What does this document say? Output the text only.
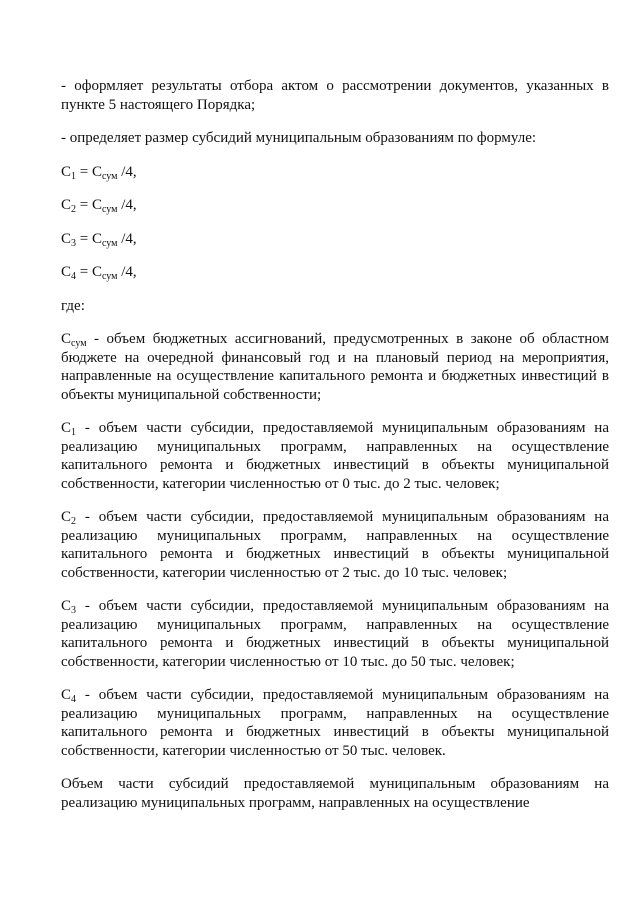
- оформляет результаты отбора актом о рассмотрении документов, указанных в пункте 5 настоящего Порядка;

- определяет размер субсидий муниципальным образованиям по формуле:

$C_1 = C_{сум}$ /4,

$C_2 = C_{сум}$ /4,

$C_3 = C_{сум}$ /4,

$C_4 = C_{сум}$ /4,

где:

$C_{сум}$ - объем бюджетных ассигнований, предусмотренных в законе об областном бюджете на очередной финансовый год и на плановый период на мероприятия, направленные на осуществление капитального ремонта и бюджетных инвестиций в объекты муниципальной собственности;

$C_1$ - объем части субсидии, предоставляемой муниципальным образованиям на реализацию муниципальных программ, направленных на осуществление капитального ремонта и бюджетных инвестиций в объекты муниципальной собственности, категории численностью от 0 тыс. до 2 тыс. человек;

$C_2$ - объем части субсидии, предоставляемой муниципальным образованиям на реализацию муниципальных программ, направленных на осуществление капитального ремонта и бюджетных инвестиций в объекты муниципальной собственности, категории численностью от 2 тыс. до 10 тыс. человек;

$C_3$ - объем части субсидии, предоставляемой муниципальным образованиям на реализацию муниципальных программ, направленных на осуществление капитального ремонта и бюджетных инвестиций в объекты муниципальной собственности, категории численностью от 10 тыс. до 50 тыс. человек;

$C_4$ - объем части субсидии, предоставляемой муниципальным образованиям на реализацию муниципальных программ, направленных на осуществление капитального ремонта и бюджетных инвестиций в объекты муниципальной собственности, категории численностью от 50 тыс. человек.

Объем части субсидий предоставляемой муниципальным образованиям на реализацию муниципальных программ, направленных на осуществление
